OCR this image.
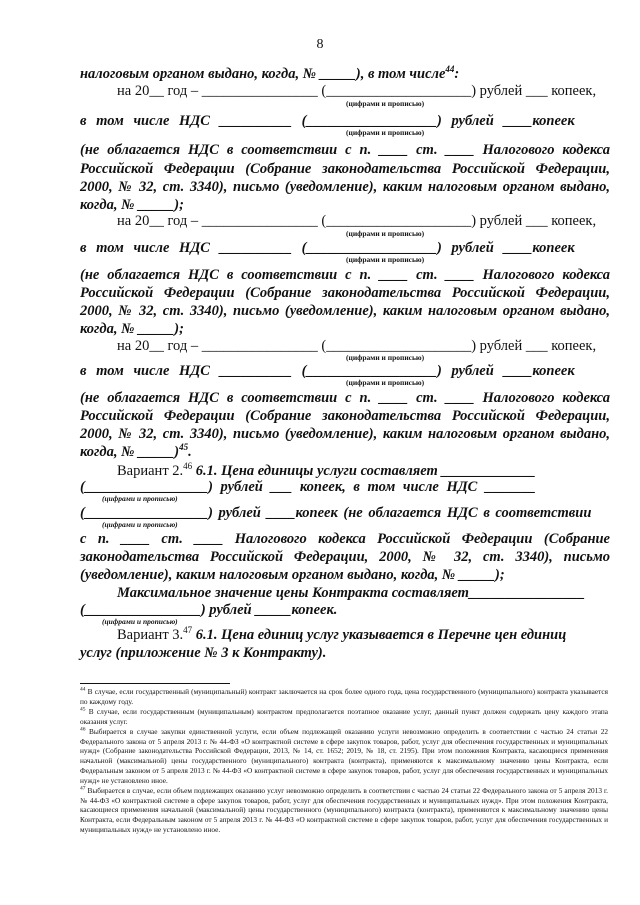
8
налоговым органом выдано, когда, № _____), в том числе$^{44}$:
на 20__ год – ________________ (____________________) рублей ___ копеек,
(цифрами и прописью)
в том числе НДС __________ (__________________) рублей ____копеек
(цифрами и прописью)
(не облагается НДС в соответствии с п. ____ ст. ____ Налогового кодекса
Российской Федерации (Собрание законодательства Российской Федерации,
2000, № 32, ст. 3340), письмо (уведомление), каким налоговым органом выдано,
когда, № _____);
на 20__ год – ________________ (____________________) рублей ___ копеек,
(цифрами и прописью)
в том числе НДС __________ (__________________) рублей ____копеек
(цифрами и прописью)
(не облагается НДС в соответствии с п. ____ ст. ____ Налогового кодекса
Российской Федерации (Собрание законодательства Российской Федерации,
2000, № 32, ст. 3340), письмо (уведомление), каким налоговым органом выдано,
когда, № _____);
на 20__ год – ________________ (____________________) рублей ___ копеек,
(цифрами и прописью)
в том числе НДС __________ (__________________) рублей ____копеек
(цифрами и прописью)
(не облагается НДС в соответствии с п. ____ ст. ____ Налогового кодекса
Российской Федерации (Собрание законодательства Российской Федерации,
2000, № 32, ст. 3340), письмо (уведомление), каким налоговым органом выдано,
когда, № _____)$^{45}$.
Вариант 2.46 6.1. Цена единицы услуги составляет _____________
(_________________) рублей ___ копеек, в том числе НДС _______
(цифрами и прописью)
(_________________) рублей ____копеек (не облагается НДС в соответствии
(цифрами и прописью)
с п. ____ ст. ____ Налогового кодекса Российской Федерации (Собрание
законодательства Российской Федерации, 2000, № 32, ст. 3340), письмо
(уведомление), каким налоговым органом выдано, когда, № _____);
Максимальное значение цены Контракта составляет________________
(________________) рублей _____копеек.
(цифрами и прописью)
Вариант 3.47 6.1. Цена единиц услуг указывается в Перечне цен единиц
услуг (приложение № 3 к Контракту).
$^{44}$ В случае, если государственный (муниципальный) контракт заключается на срок более одного года, цена государственного (муниципального) контракта указывается по каждому году.
$^{45}$ В случае, если государственным (муниципальным) контрактом предполагается поэтапное оказание услуг, данный пункт должен содержать цену каждого этапа оказания услуг.
$^{46}$ Выбирается в случае закупки единственной услуги, если объем подлежащей оказанию услуги невозможно определить в соответствии с частью 24 статьи 22 Федерального закона от 5 апреля 2013 г. № 44-ФЗ «О контрактной системе в сфере закупок товаров, работ, услуг для обеспечения государственных и муниципальных нужд» (Собрание законодательства Российской Федерации, 2013, № 14, ст. 1652; 2019, № 18, ст. 2195). При этом положения Контракта, касающиеся применения начальной (максимальной) цены государственного (муниципального) контракта (контракта), применяются к максимальному значению цены Контракта, если Федеральным законом от 5 апреля 2013 г. № 44-ФЗ «О контрактной системе в сфере закупок товаров, работ, услуг для обеспечения государственных и муниципальных нужд» не установлено иное.
$^{47}$ Выбирается в случае, если объем подлежащих оказанию услуг невозможно определить в соответствии с частью 24 статьи 22 Федерального закона от 5 апреля 2013 г. № 44-ФЗ «О контрактной системе в сфере закупок товаров, работ, услуг для обеспечения государственных и муниципальных нужд». При этом положения Контракта, касающиеся применения начальной (максимальной) цены государственного (муниципального) контракта (контракта), применяются к максимальному значению цены Контракта, если Федеральным законом от 5 апреля 2013 г. № 44-ФЗ «О контрактной системе в сфере закупок товаров, работ, услуг для обеспечения государственных и муниципальных нужд» не установлено иное.
